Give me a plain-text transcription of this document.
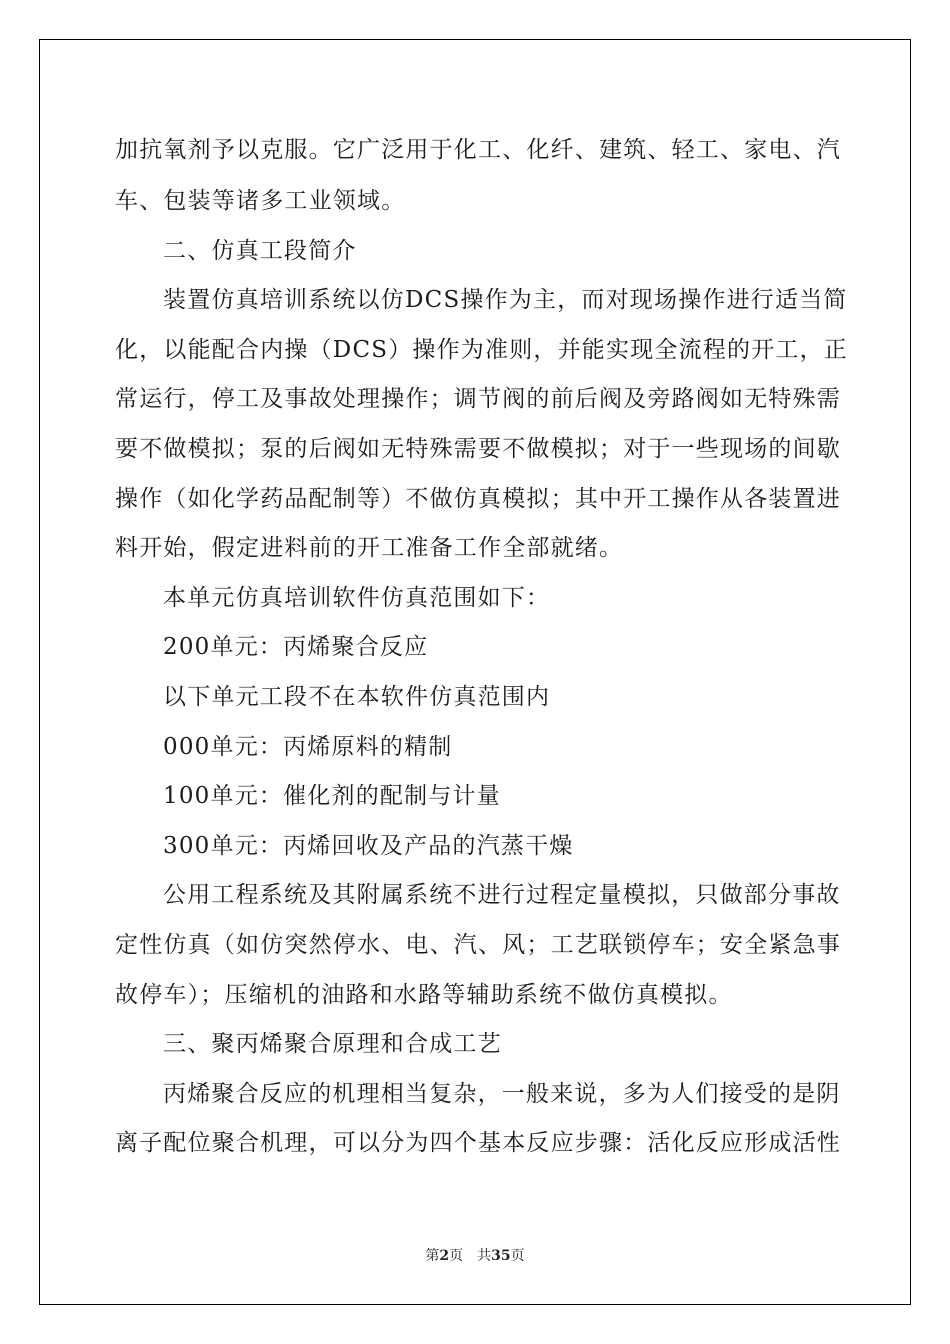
加抗氧剂予以克服。它广泛用于化工、化纤、建筑、轻工、家电、汽
车、包装等诸多工业领域。
二、仿真工段简介
装置仿真培训系统以仿DCS操作为主，而对现场操作进行适当简
化，以能配合内操（DCS）操作为准则，并能实现全流程的开工，正
常运行，停工及事故处理操作；调节阀的前后阀及旁路阀如无特殊需
要不做模拟；泵的后阀如无特殊需要不做模拟；对于一些现场的间歇
操作（如化学药品配制等）不做仿真模拟；其中开工操作从各装置进
料开始，假定进料前的开工准备工作全部就绪。
本单元仿真培训软件仿真范围如下：
200单元：丙烯聚合反应
以下单元工段不在本软件仿真范围内
000单元：丙烯原料的精制
100单元：催化剂的配制与计量
300单元：丙烯回收及产品的汽蒸干燥
公用工程系统及其附属系统不进行过程定量模拟，只做部分事故
定性仿真（如仿突然停水、电、汽、风；工艺联锁停车；安全紧急事
故停车）；压缩机的油路和水路等辅助系统不做仿真模拟。
三、聚丙烯聚合原理和合成工艺
丙烯聚合反应的机理相当复杂，一般来说，多为人们接受的是阴
离子配位聚合机理，可以分为四个基本反应步骤：活化反应形成活性
第2页 共35页
